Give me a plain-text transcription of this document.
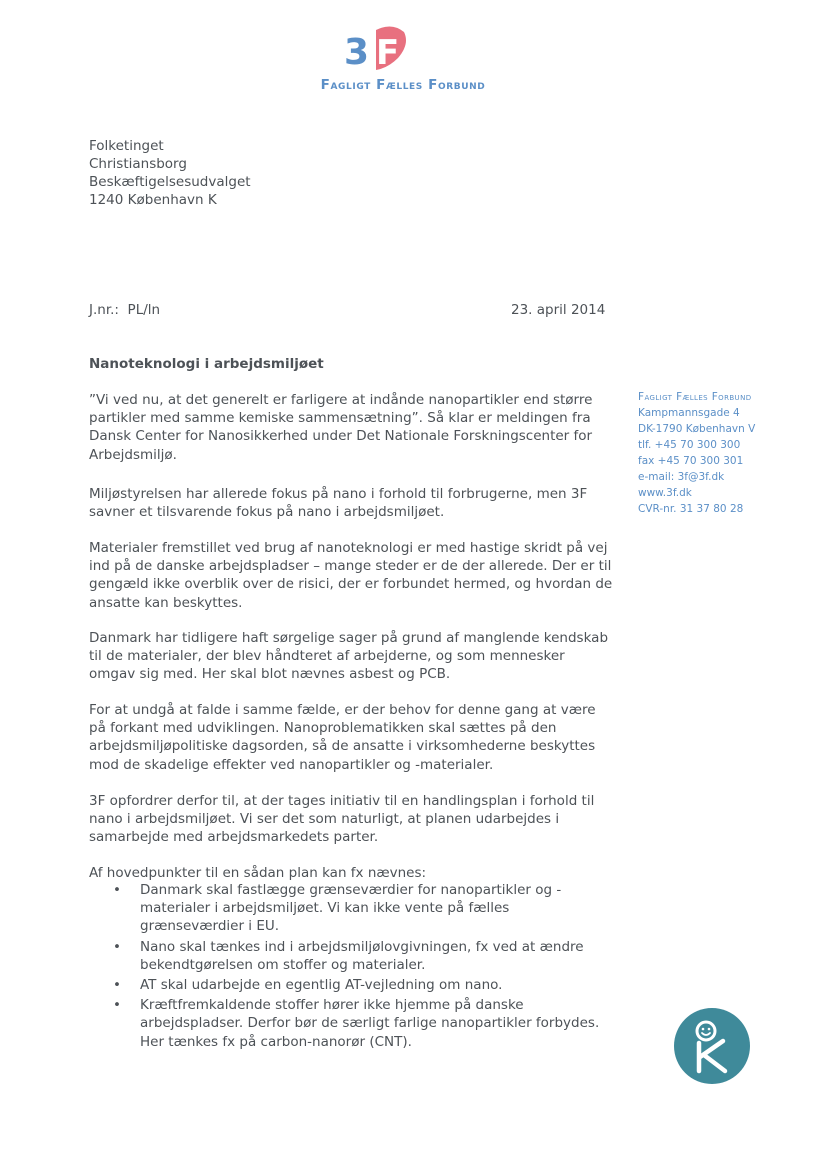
3 F
Fagligt Fælles Forbund
Folketinget
Christiansborg
Beskæftigelsesudvalget
1240 København K
J.nr.:  PL/ln	23. april 2014
Nanoteknologi i arbejdsmiljøet
”Vi ved nu, at det generelt er farligere at indånde nanopartikler end større partikler med samme kemiske sammensætning”. Så klar er meldingen fra Dansk Center for Nanosikkerhed under Det Nationale Forskningscenter for Arbejdsmiljø.
Miljøstyrelsen har allerede fokus på nano i forhold til forbrugerne, men 3F savner et tilsvarende fokus på nano i arbejdsmiljøet.
Materialer fremstillet ved brug af nanoteknologi er med hastige skridt på vej ind på de danske arbejdspladser – mange steder er de der allerede. Der er til gengæld ikke overblik over de risici, der er forbundet hermed, og hvordan de ansatte kan beskyttes.
Danmark har tidligere haft sørgelige sager på grund af manglende kendskab til de materialer, der blev håndteret af arbejderne, og som mennesker omgav sig med. Her skal blot nævnes asbest og PCB.
For at undgå at falde i samme fælde, er der behov for denne gang at være på forkant med udviklingen. Nanoproblematikken skal sættes på den arbejdsmiljøpolitiske dagsorden, så de ansatte i virksomhederne beskyttes mod de skadelige effekter ved nanopartikler og -materialer.
3F opfordrer derfor til, at der tages initiativ til en handlingsplan i forhold til nano i arbejdsmiljøet. Vi ser det som naturligt, at planen udarbejdes i samarbejde med arbejdsmarkedets parter.
Af hovedpunkter til en sådan plan kan fx nævnes:
• Danmark skal fastlægge grænseværdier for nanopartikler og -materialer i arbejdsmiljøet. Vi kan ikke vente på fælles grænseværdier i EU.
• Nano skal tænkes ind i arbejdsmiljølovgivningen, fx ved at ændre bekendtgørelsen om stoffer og materialer.
• AT skal udarbejde en egentlig AT-vejledning om nano.
• Kræftfremkaldende stoffer hører ikke hjemme på danske arbejdspladser. Derfor bør de særligt farlige nanopartikler forbydes. Her tænkes fx på carbon-nanorør (CNT).
Fagligt Fælles Forbund
Kampmannsgade 4
DK-1790 København V
tlf. +45 70 300 300
fax +45 70 300 301
e-mail: 3f@3f.dk
www.3f.dk
CVR-nr. 31 37 80 28
